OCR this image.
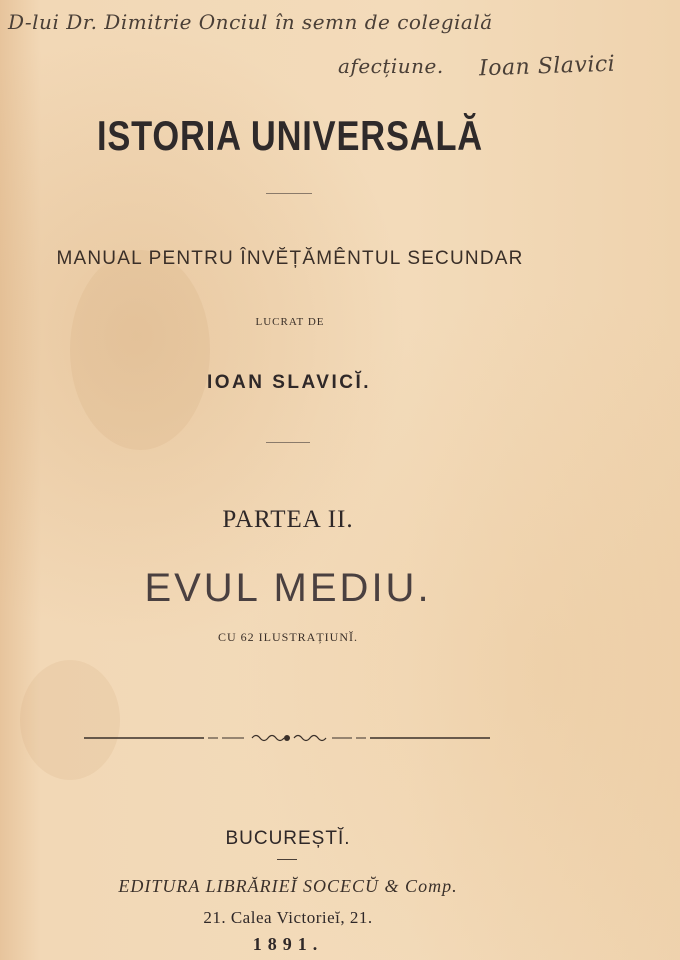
D-lui Dr. Dimitrie Onciul în semn de colegială
afecțiune. Ioan Slavici
ISTORIA UNIVERSALĂ
MANUAL PENTRU ÎNVĔȚĂMÊNTUL SECUNDAR
LUCRAT DE
IOAN SLAVICĬ.
PARTEA II.
EVUL MEDIU.
CU 62 ILUSTRAȚIUNĬ.
BUCUREȘTĬ.
EDITURA LIBRĂRIEĬ SOCECŬ & Comp.
21. Calea Victorieĭ, 21.
1891.
